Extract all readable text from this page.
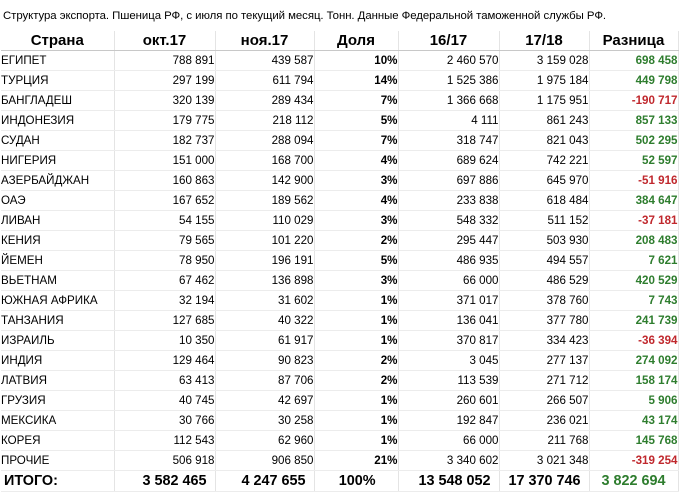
Структура экспорта. Пшеница РФ, с июля по текущий месяц. Тонн. Данные Федеральной таможенной службы РФ.
Страна	окт.17	ноя.17	Доля	16/17	17/18	Разница
ЕГИПЕТ	788 891	439 587	10%	2 460 570	3 159 028	698 458
ТУРЦИЯ	297 199	611 794	14%	1 525 386	1 975 184	449 798
БАНГЛАДЕШ	320 139	289 434	7%	1 366 668	1 175 951	-190 717
ИНДОНЕЗИЯ	179 775	218 112	5%	4 111	861 243	857 133
СУДАН	182 737	288 094	7%	318 747	821 043	502 295
НИГЕРИЯ	151 000	168 700	4%	689 624	742 221	52 597
АЗЕРБАЙДЖАН	160 863	142 900	3%	697 886	645 970	-51 916
ОАЭ	167 652	189 562	4%	233 838	618 484	384 647
ЛИВАН	54 155	110 029	3%	548 332	511 152	-37 181
КЕНИЯ	79 565	101 220	2%	295 447	503 930	208 483
ЙЕМЕН	78 950	196 191	5%	486 935	494 557	7 621
ВЬЕТНАМ	67 462	136 898	3%	66 000	486 529	420 529
ЮЖНАЯ АФРИКА	32 194	31 602	1%	371 017	378 760	7 743
ТАНЗАНИЯ	127 685	40 322	1%	136 041	377 780	241 739
ИЗРАИЛЬ	10 350	61 917	1%	370 817	334 423	-36 394
ИНДИЯ	129 464	90 823	2%	3 045	277 137	274 092
ЛАТВИЯ	63 413	87 706	2%	113 539	271 712	158 174
ГРУЗИЯ	40 745	42 697	1%	260 601	266 507	5 906
МЕКСИКА	30 766	30 258	1%	192 847	236 021	43 174
КОРЕЯ	112 543	62 960	1%	66 000	211 768	145 768
ПРОЧИЕ	506 918	906 850	21%	3 340 602	3 021 348	-319 254
ИТОГО:	3 582 465	4 247 655	100%	13 548 052	17 370 746	3 822 694
